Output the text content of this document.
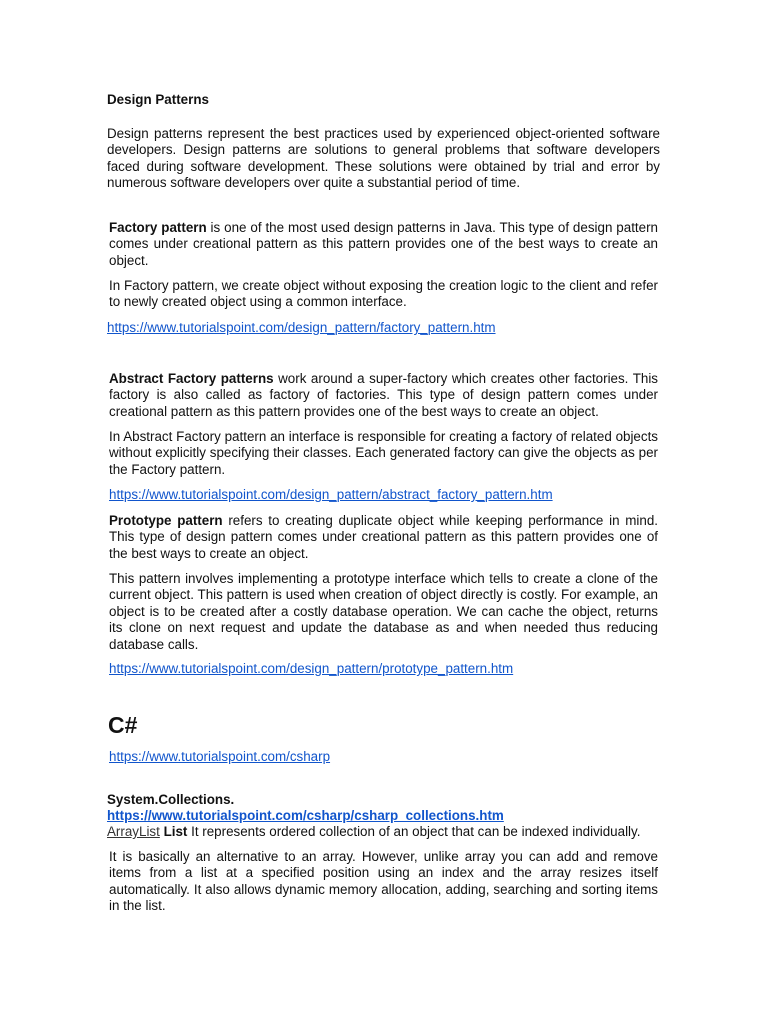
Design Patterns

Design patterns represent the best practices used by experienced object-oriented software developers. Design patterns are solutions to general problems that software developers faced during software development. These solutions were obtained by trial and error by numerous software developers over quite a substantial period of time.

Factory pattern is one of the most used design patterns in Java. This type of design pattern comes under creational pattern as this pattern provides one of the best ways to create an object.

In Factory pattern, we create object without exposing the creation logic to the client and refer to newly created object using a common interface.

https://www.tutorialspoint.com/design_pattern/factory_pattern.htm

Abstract Factory patterns work around a super-factory which creates other factories. This factory is also called as factory of factories. This type of design pattern comes under creational pattern as this pattern provides one of the best ways to create an object.

In Abstract Factory pattern an interface is responsible for creating a factory of related objects without explicitly specifying their classes. Each generated factory can give the objects as per the Factory pattern.

https://www.tutorialspoint.com/design_pattern/abstract_factory_pattern.htm

Prototype pattern refers to creating duplicate object while keeping performance in mind. This type of design pattern comes under creational pattern as this pattern provides one of the best ways to create an object.

This pattern involves implementing a prototype interface which tells to create a clone of the current object. This pattern is used when creation of object directly is costly. For example, an object is to be created after a costly database operation. We can cache the object, returns its clone on next request and update the database as and when needed thus reducing database calls.

https://www.tutorialspoint.com/design_pattern/prototype_pattern.htm
C#
https://www.tutorialspoint.com/csharp
System.Collections.
https://www.tutorialspoint.com/csharp/csharp_collections.htm

ArrayList List It represents ordered collection of an object that can be indexed individually.

It is basically an alternative to an array. However, unlike array you can add and remove items from a list at a specified position using an index and the array resizes itself automatically. It also allows dynamic memory allocation, adding, searching and sorting items in the list.
